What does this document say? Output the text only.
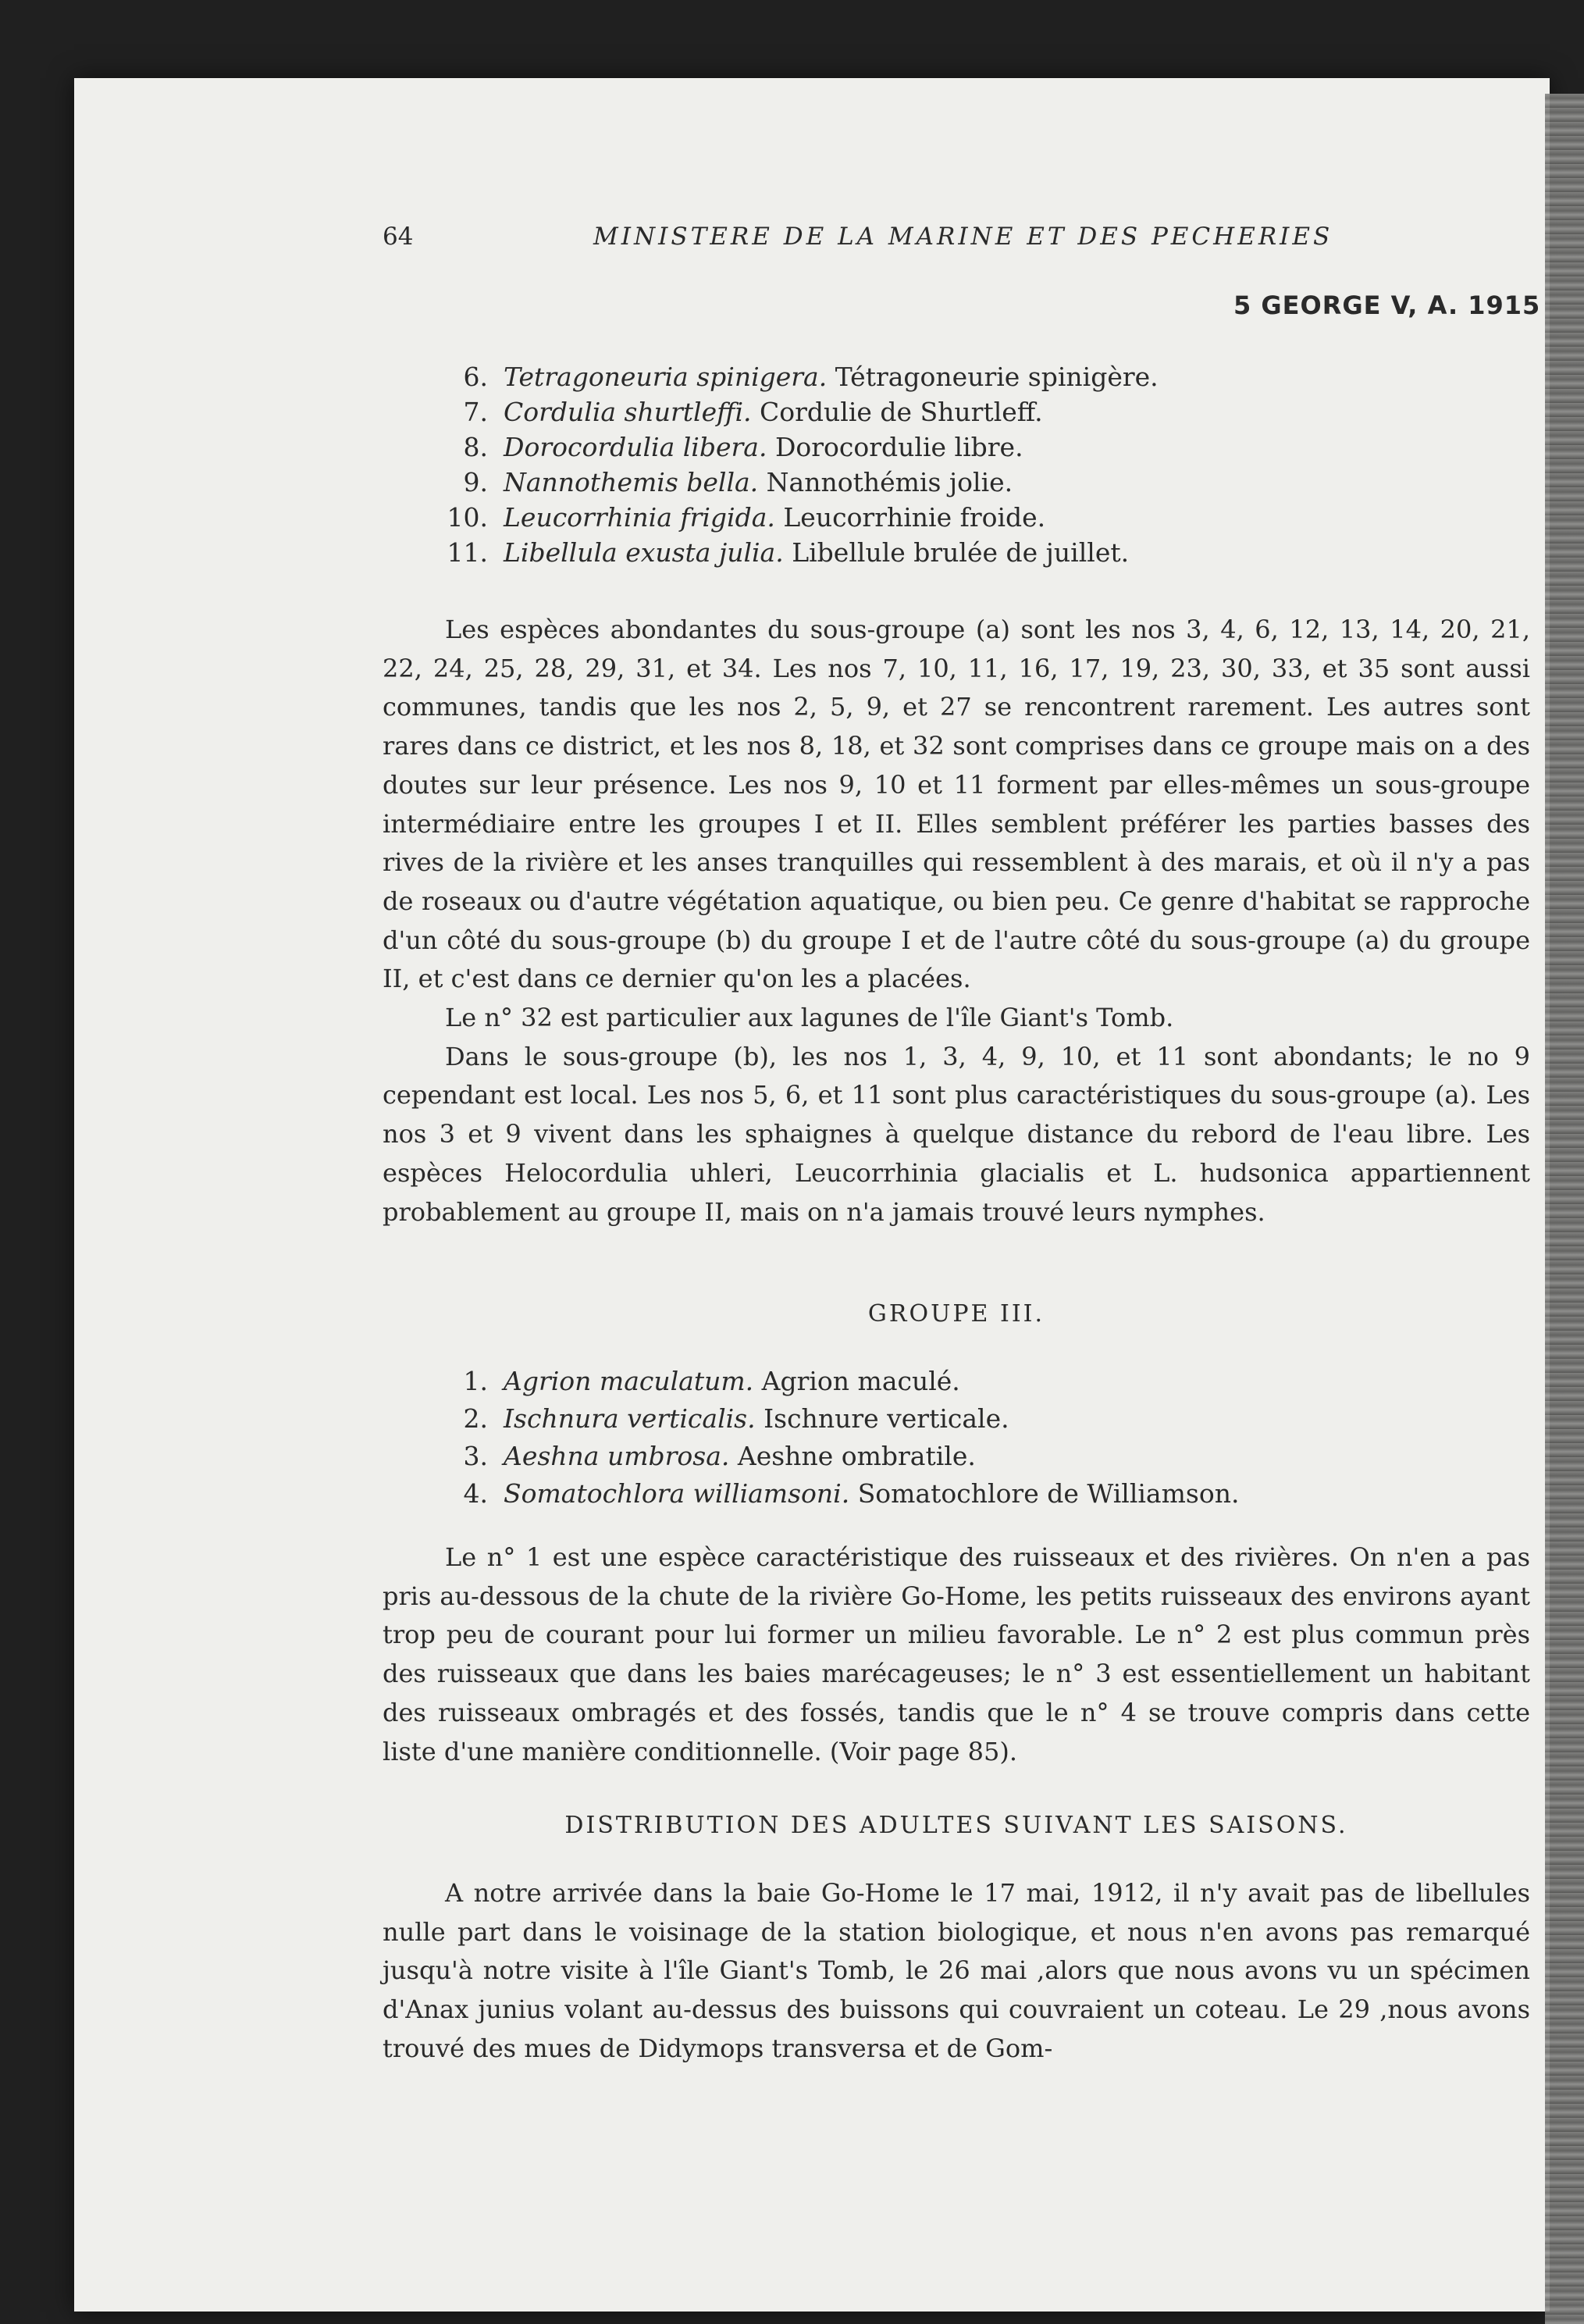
64	MINISTERE DE LA MARINE ET DES PECHERIES
5 GEORGE V, A. 1915
6. Tetragoneuria spinigera. Tétragoneurie spinigère.
7. Cordulia shurtleffi. Cordulie de Shurtleff.
8. Dorocordulia libera. Dorocordulie libre.
9. Nannothemis bella. Nannothémis jolie.
10. Leucorrhinia frigida. Leucorrhinie froide.
11. Libellula exusta julia. Libellule brulée de juillet.

Les espèces abondantes du sous-groupe (a) sont les nos 3, 4, 6, 12, 13, 14, 20, 21, 22, 24, 25, 28, 29, 31, et 34. Les nos 7, 10, 11, 16, 17, 19, 23, 30, 33, et 35 sont aussi communes, tandis que les nos 2, 5, 9, et 27 se rencontrent rarement. Les autres sont rares dans ce district, et les nos 8, 18, et 32 sont comprises dans ce groupe mais on a des doutes sur leur présence. Les nos 9, 10 et 11 forment par elles-mêmes un sous-groupe intermédiaire entre les groupes I et II. Elles semblent préférer les parties basses des rives de la rivière et les anses tranquilles qui ressemblent à des marais, et où il n'y a pas de roseaux ou d'autre végétation aquatique, ou bien peu. Ce genre d'habitat se rapproche d'un côté du sous-groupe (b) du groupe I et de l'autre côté du sous-groupe (a) du groupe II, et c'est dans ce dernier qu'on les a placées.

Le n° 32 est particulier aux lagunes de l'île Giant's Tomb.

Dans le sous-groupe (b), les nos 1, 3, 4, 9, 10, et 11 sont abondants; le no 9 cependant est local. Les nos 5, 6, et 11 sont plus caractéristiques du sous-groupe (a). Les nos 3 et 9 vivent dans les sphaignes à quelque distance du rebord de l'eau libre. Les espèces Helocordulia uhleri, Leucorrhinia glacialis et L. hudsonica appartiennent probablement au groupe II, mais on n'a jamais trouvé leurs nymphes.

GROUPE III.
1. Agrion maculatum. Agrion maculé.
2. Ischnura verticalis. Ischnure verticale.
3. Aeshna umbrosa. Aeshne ombratile.
4. Somatochlora williamsoni. Somatochlore de Williamson.

Le n° 1 est une espèce caractéristique des ruisseaux et des rivières. On n'en a pas pris au-dessous de la chute de la rivière Go-Home, les petits ruisseaux des environs ayant trop peu de courant pour lui former un milieu favorable. Le n° 2 est plus commun près des ruisseaux que dans les baies marécageuses; le n° 3 est essentiellement un habitant des ruisseaux ombragés et des fossés, tandis que le n° 4 se trouve compris dans cette liste d'une manière conditionnelle. (Voir page 85).

DISTRIBUTION DES ADULTES SUIVANT LES SAISONS.

A notre arrivée dans la baie Go-Home le 17 mai, 1912, il n'y avait pas de libellules nulle part dans le voisinage de la station biologique, et nous n'en avons pas remarqué jusqu'à notre visite à l'île Giant's Tomb, le 26 mai ,alors que nous avons vu un spécimen d'Anax junius volant au-dessus des buissons qui couvraient un coteau. Le 29 ,nous avons trouvé des mues de Didymops transversa et de Gom-
